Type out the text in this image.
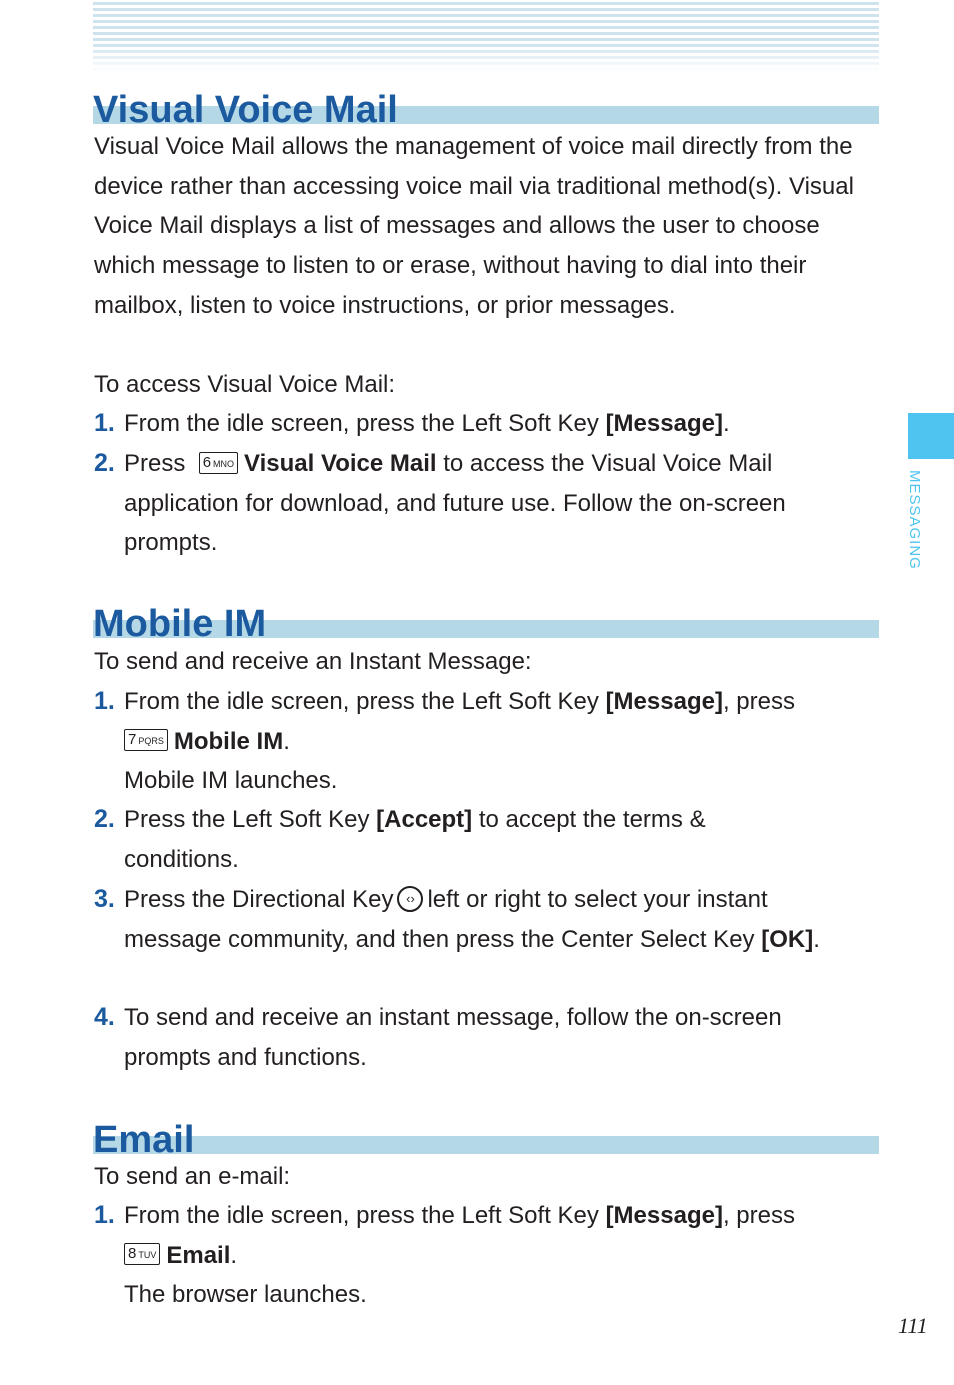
Visual Voice Mail

Visual Voice Mail allows the management of voice mail directly from the device rather than accessing voice mail via traditional method(s). Visual Voice Mail displays a list of messages and allows the user to choose which message to listen to or erase, without having to dial into their mailbox, listen to voice instructions, or prior messages.

To access Visual Voice Mail:

1. From the idle screen, press the Left Soft Key [Message].
2. Press 6 MNO Visual Voice Mail to access the Visual Voice Mail application for download, and future use. Follow the on-screen prompts.
Mobile IM

To send and receive an Instant Message:

1. From the idle screen, press the Left Soft Key [Message], press
7 PQRS Mobile IM.
Mobile IM launches.
2. Press the Left Soft Key [Accept] to accept the terms & conditions.
3. Press the Directional Key ‹› left or right to select your instant message community, and then press the Center Select Key [OK].
4. To send and receive an instant message, follow the on-screen prompts and functions.
Email

To send an e-mail:

1. From the idle screen, press the Left Soft Key [Message], press
8 TUV Email.
The browser launches.
MESSAGING
111
